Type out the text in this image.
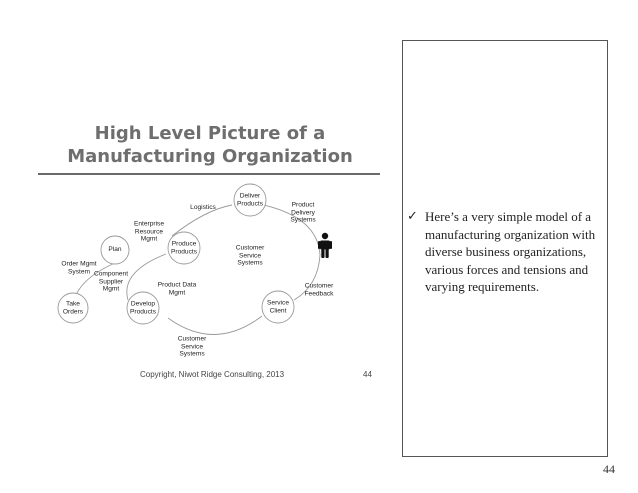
High Level Picture of a
Manufacturing Organization
Deliver
Products
Logistics	Product
Delivery
Systems
Enterprise
Resource
Mgmt
Plan
Produce
Products	Customer
Service
Systems
Order Mgmt
System Component
Supplier
Mgmt
Product Data
Mgmt
Customer
Feedback
Take
Orders
Develop
Products
Service
Client
Customer
Service
Systems
Copyright, Niwot Ridge Consulting, 2013	44
✓ Here’s a very simple model of a manufacturing organization with diverse business organizations, various forces and tensions and varying requirements.
44
